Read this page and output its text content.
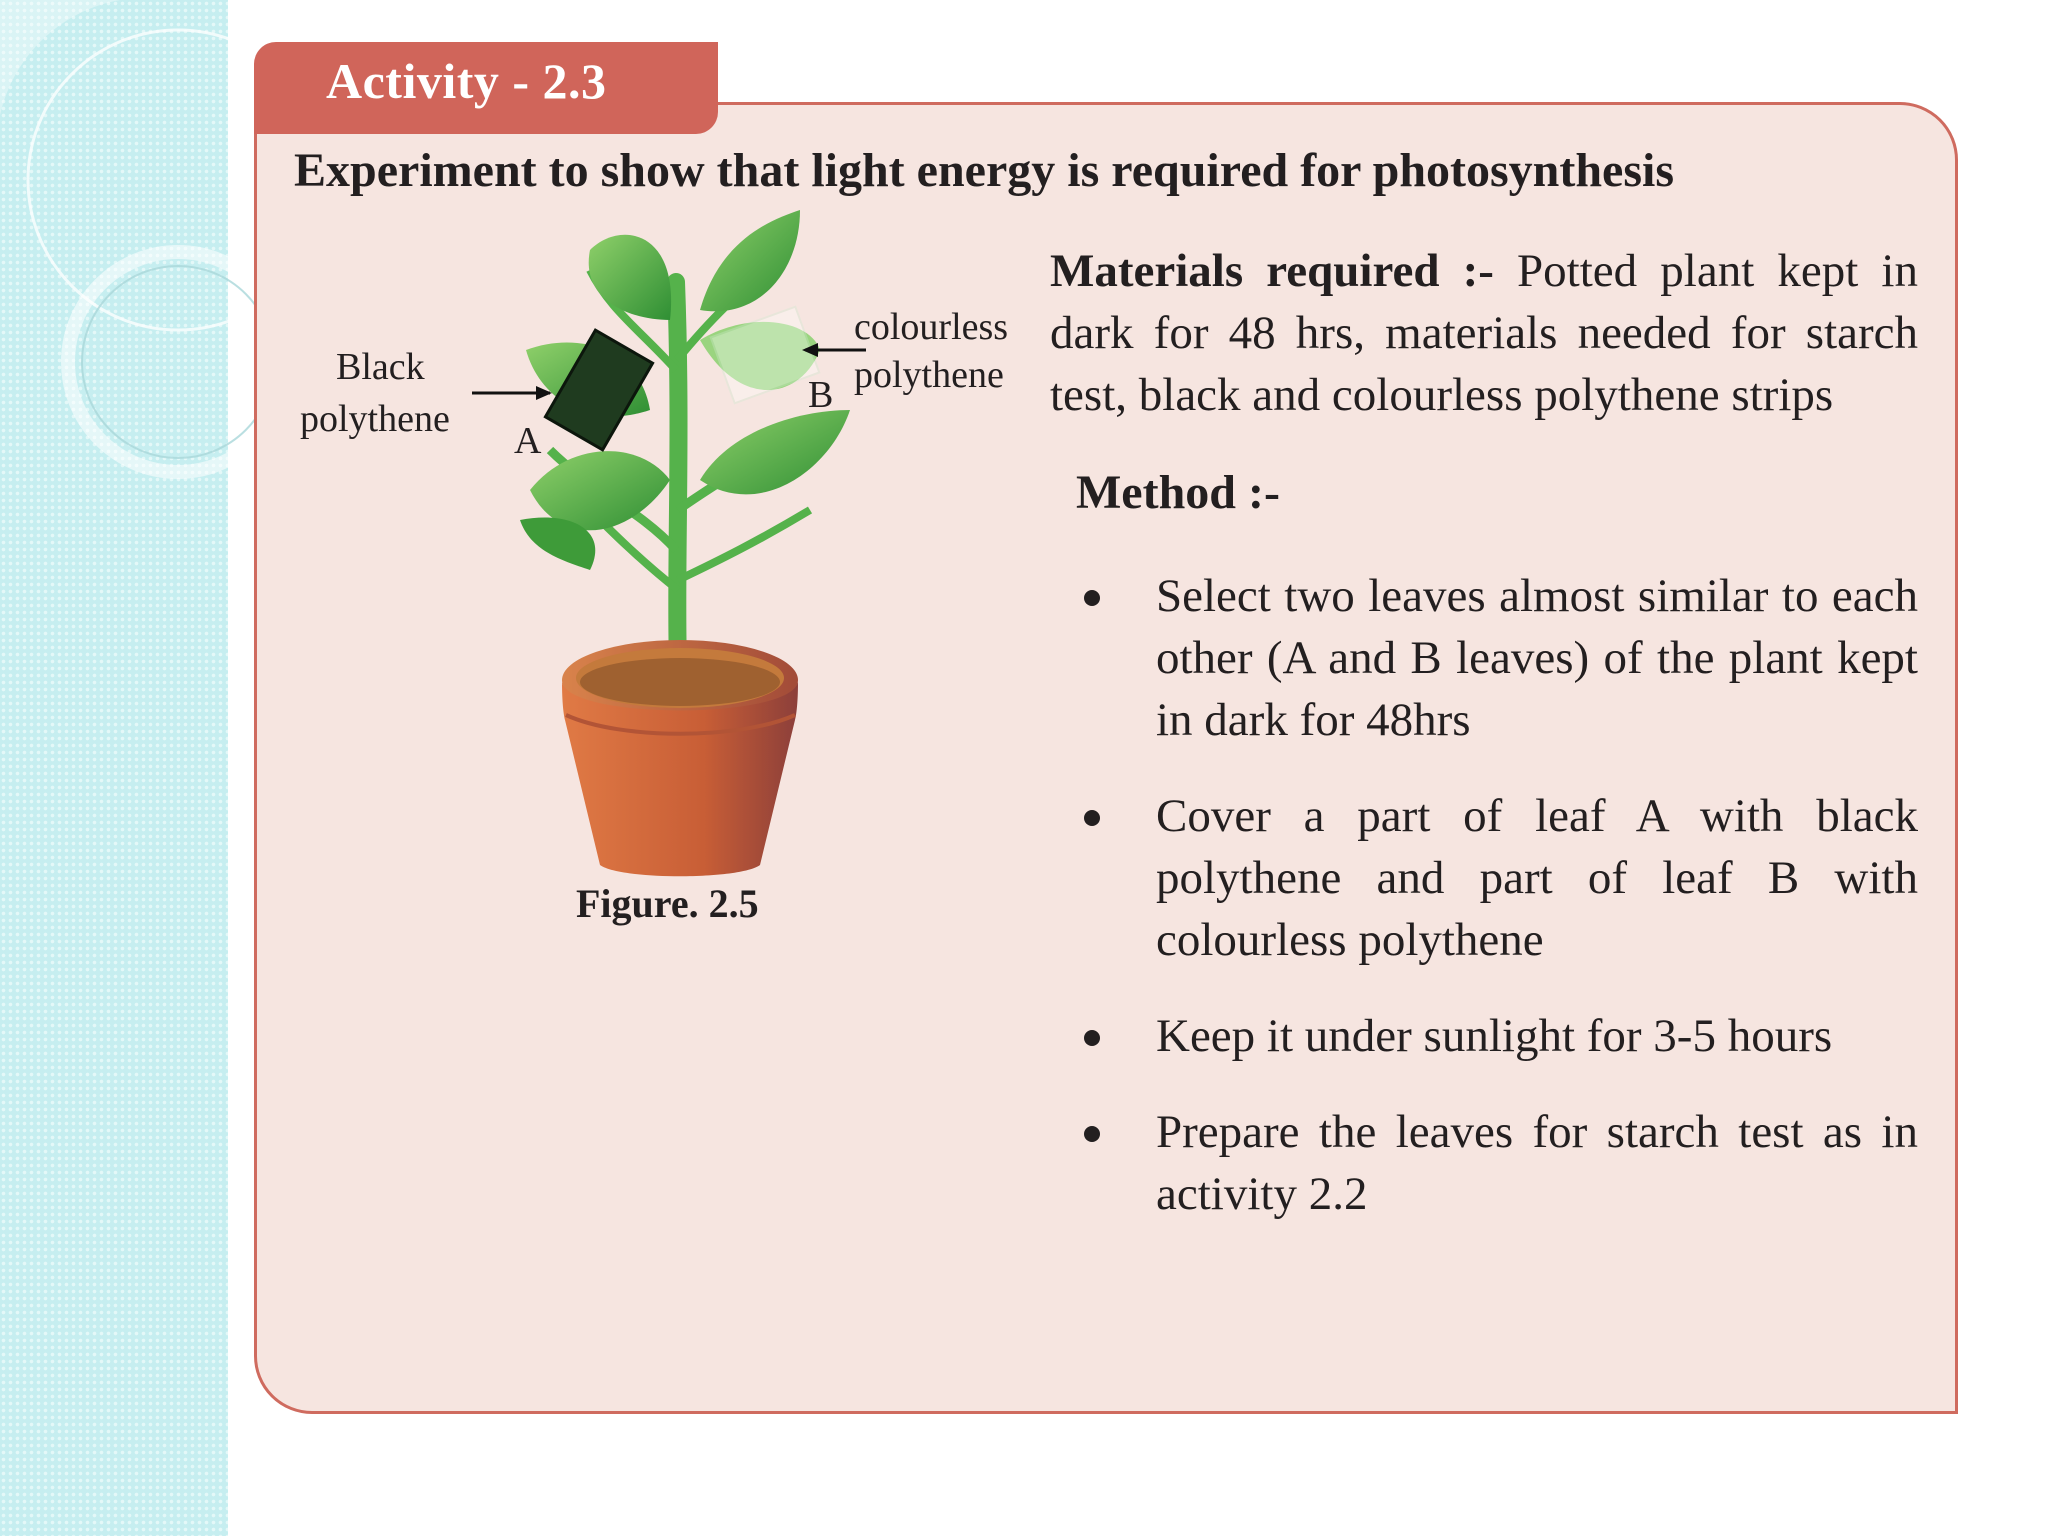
Activity - 2.3
Experiment to show that light energy is required for photosynthesis
Black
polythene
A
B
colourless
polythene
Figure. 2.5
Materials required :- Potted plant kept in dark for 48 hrs, materials needed for starch test, black and colourless polythene strips
Method :-
Select two leaves almost similar to each other (A and B leaves) of the plant kept in dark for 48hrs
Cover a part of leaf A with black polythene and part of leaf B with colourless polythene
Keep it under sunlight for 3-5 hours
Prepare the leaves for starch test as in activity 2.2
